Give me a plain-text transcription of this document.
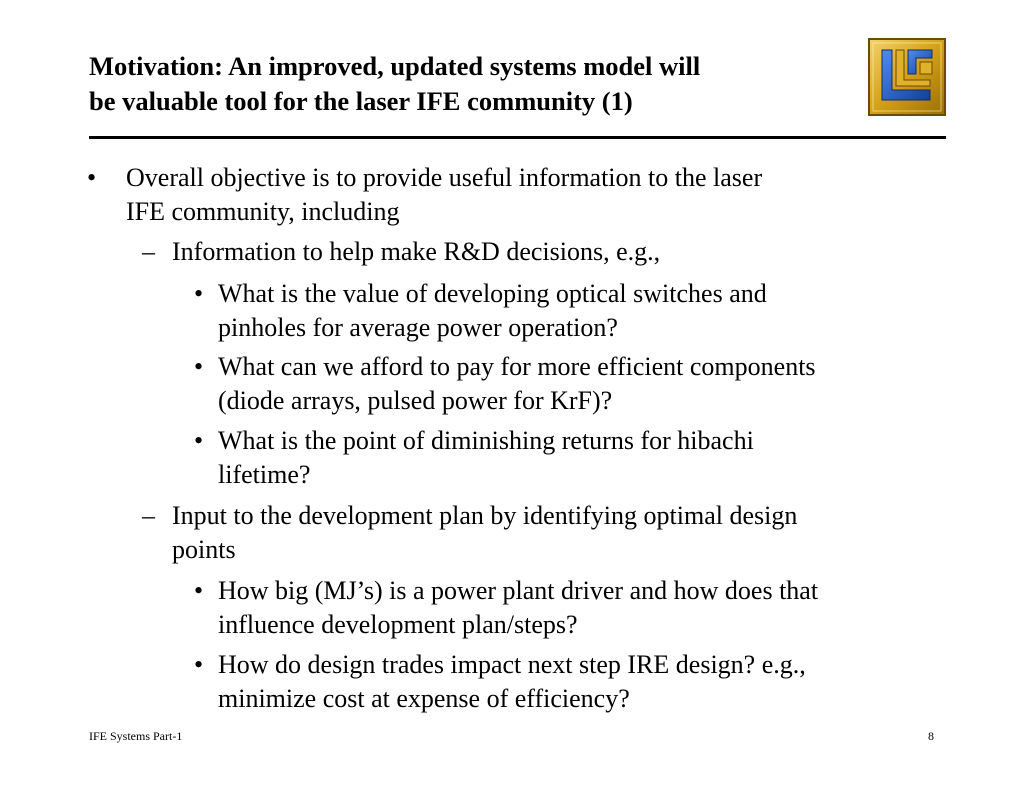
Motivation: An improved, updated systems model will
be valuable tool for the laser IFE community (1)
• Overall objective is to provide useful information to the laser
IFE community, including
– Information to help make R&D decisions, e.g.,
• What is the value of developing optical switches and
pinholes for average power operation?
• What can we afford to pay for more efficient components
(diode arrays, pulsed power for KrF)?
• What is the point of diminishing returns for hibachi
lifetime?
– Input to the development plan by identifying optimal design
points
• How big (MJ’s) is a power plant driver and how does that
influence development plan/steps?
• How do design trades impact next step IRE design? e.g.,
minimize cost at expense of efficiency?
IFE Systems Part-1	8
